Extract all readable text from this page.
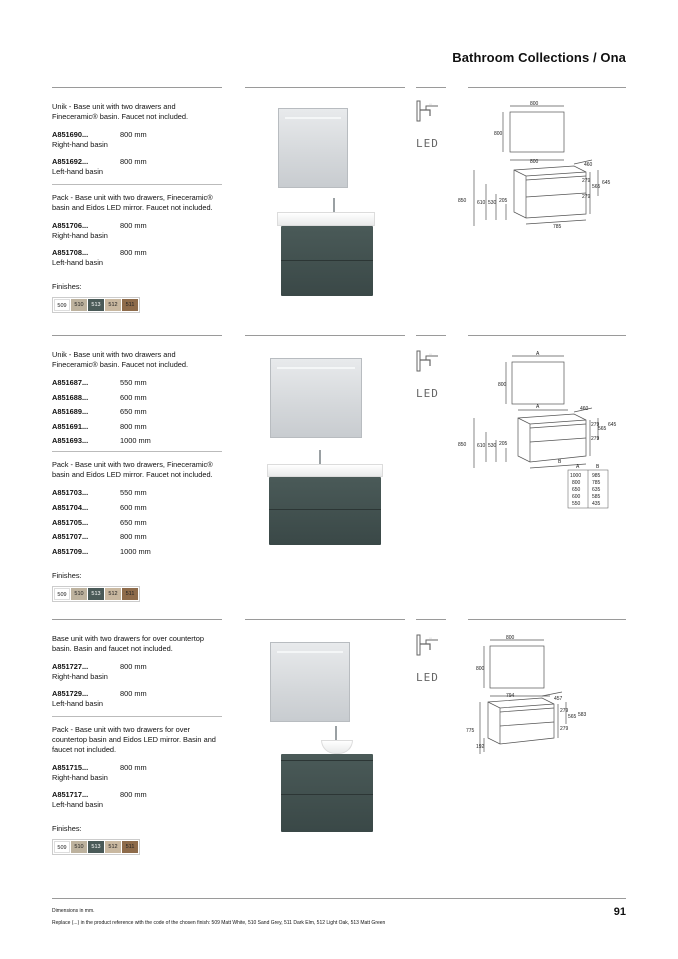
Bathroom Collections / Ona
Unik - Base unit with two drawers and Fineceramic® basin. Faucet not included.
A851690...	800 mm
Right-hand basin
A851692...	800 mm
Left-hand basin
Pack - Base unit with two drawers, Fineceramic® basin and Eidos LED mirror. Faucet not included.
A851706...	800 mm
Right-hand basin
A851708...	800 mm
Left-hand basin
Finishes:
509	510	513	512	511
◦◦◦
LED
800
800
800	460
279
565
645
279
850 610 530 205
785
Unik - Base unit with two drawers and Fineceramic® basin. Faucet not included.
A851687...	550 mm
A851688...	600 mm
A851689...	650 mm
A851691...	800 mm
A851693...	1000 mm
Pack - Base unit with two drawers, Fineceramic® basin and Eidos LED mirror. Faucet not included.
A851703...	550 mm
A851704...	600 mm
A851705...	650 mm
A851707...	800 mm
A851709...	1000 mm
Finishes:
509	510	513	512	511
◦◦◦
LED
A
800
A	460
279
565
645
279
850 610 530 205
B
A	B
1000 985
800 785
650 635
600 585
550 435
Base unit with two drawers for over countertop basin. Basin and faucet not included.
A851727...	800 mm
Right-hand basin
A851729...	800 mm
Left-hand basin
Pack - Base unit with two drawers for over countertop basin and Eidos LED mirror. Basin and faucet not included.
A851715...	800 mm
Right-hand basin
A851717...	800 mm
Left-hand basin
Finishes:
509	510	513	512	511
◦◦◦
LED
800
800
794	457
279
565 583
279
775
192
Dimensions in mm.
Replace (...) in the product reference with the code of the chosen finish: 509 Matt White, 510 Sand Grey, 511 Dark Elm, 512 Light Oak, 513 Matt Green
91
